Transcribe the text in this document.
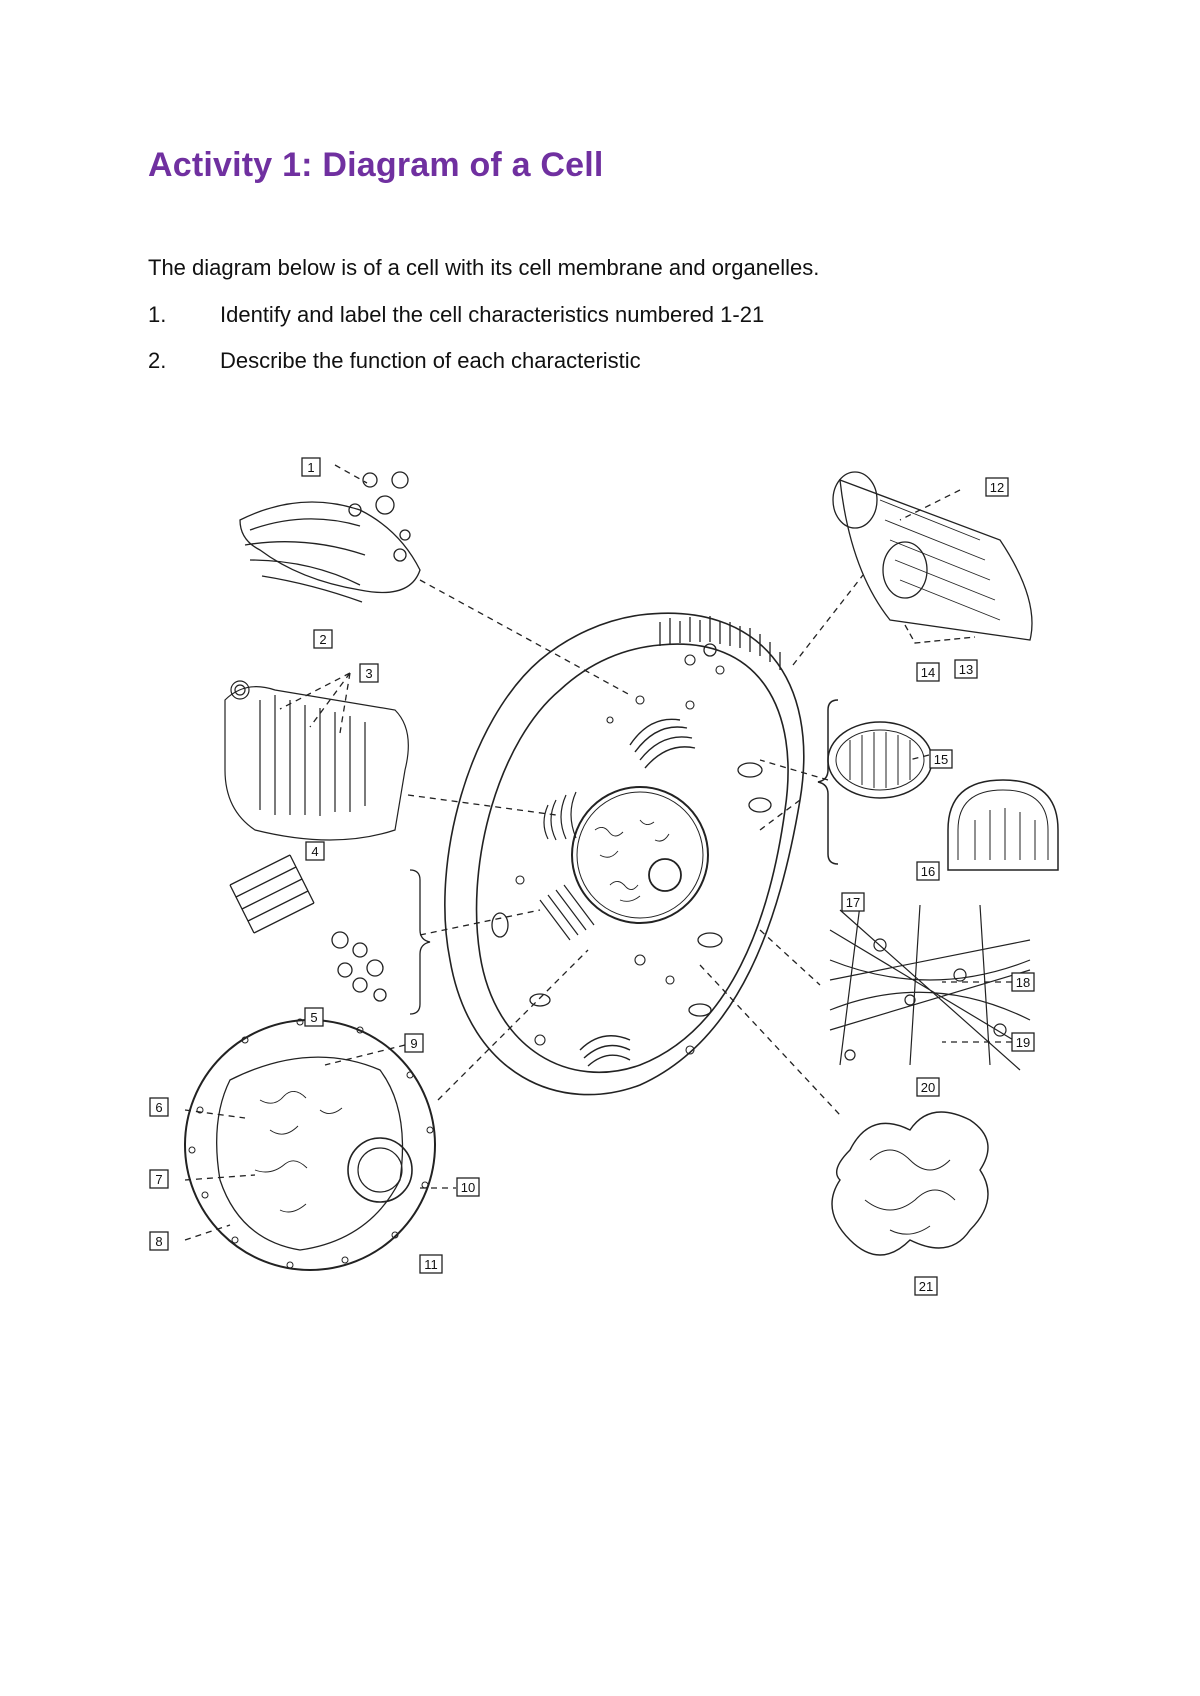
Activity 1: Diagram of a Cell

The diagram below is of a cell with its cell membrane and organelles.

1. Identify and label the cell characteristics numbered 1-21
2. Describe the function of each characteristic
1
2
3
4
5
6
7
8
9
10
11
12
13
14
15
16
17
18
19
20
21
